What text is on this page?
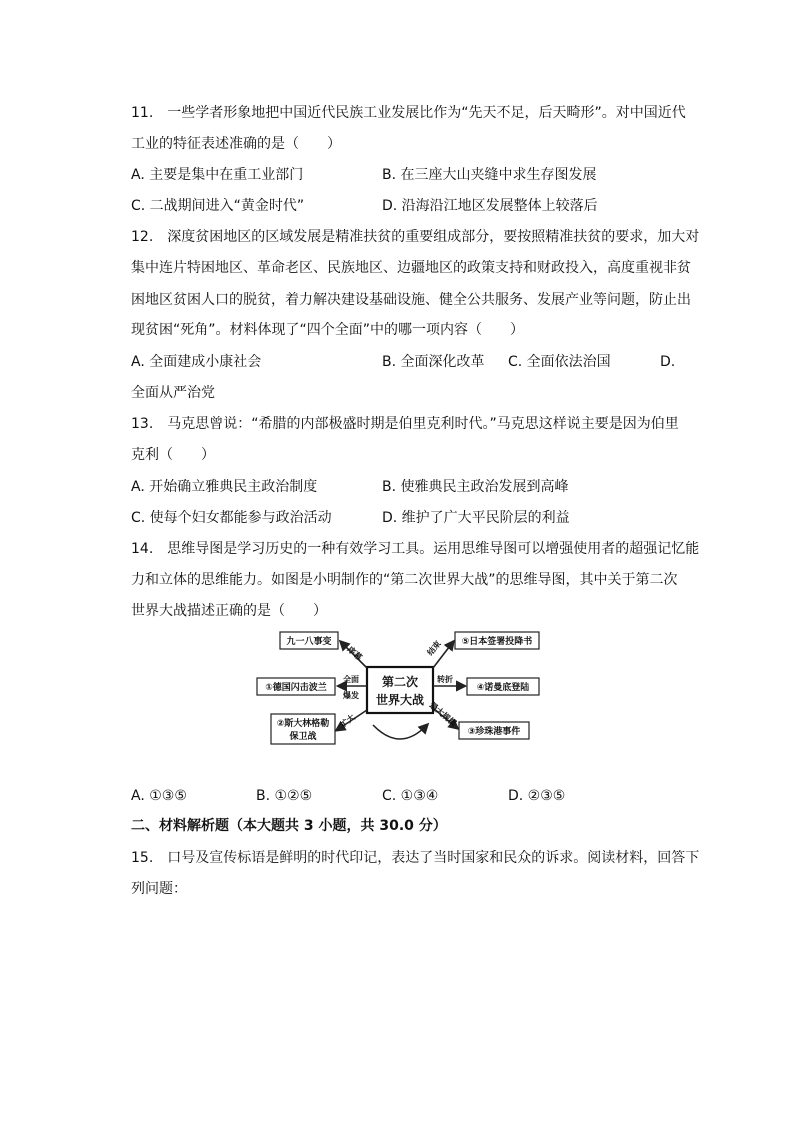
11.　一些学者形象地把中国近代民族工业发展比作为“先天不足，后天畸形”。对中国近代
工业的特征表述准确的是（　　）
A. 主要是集中在重工业部门	B. 在三座大山夹缝中求生存图发展
C. 二战期间进入“黄金时代”	D. 沿海沿江地区发展整体上较落后
12.　深度贫困地区的区域发展是精准扶贫的重要组成部分，要按照精准扶贫的要求，加大对
集中连片特困地区、革命老区、民族地区、边疆地区的政策支持和财政投入，高度重视非贫
困地区贫困人口的脱贫，着力解决建设基础设施、健全公共服务、发展产业等问题，防止出
现贫困“死角”。材料体现了“四个全面”中的哪一项内容（　　）
A. 全面建成小康社会	B. 全面深化改革 C. 全面依法治国	D.
全面从严治党
13.　马克思曾说：“希腊的内部极盛时期是伯里克利时代。”马克思这样说主要是因为伯里
克利（　　）
A. 开始确立雅典民主政治制度	B. 使雅典民主政治发展到高峰
C. 使每个妇女都能参与政治活动	D. 维护了广大平民阶层的利益
14.　思维导图是学习历史的一种有效学习工具。运用思维导图可以增强使用者的超强记忆能
力和立体的思维能力。如图是小明制作的“第二次世界大战”的思维导图，其中关于第二次
世界大战描述正确的是（　　）
第二次
世界大战
九一八事变
①德国闪击波兰
②斯大林格勒
保卫战
⑤日本签署投降书
④诺曼底登陆
③珍珠港事件
序幕
全面
爆发
扩大
结束
转折
最大规模
A. ①③⑤	B. ①②⑤	C. ①③④	D. ②③⑤
二、材料解析题（本大题共 3 小题，共 30.0 分）
15.　口号及宣传标语是鲜明的时代印记，表达了当时国家和民众的诉求。阅读材料，回答下
列问题：
